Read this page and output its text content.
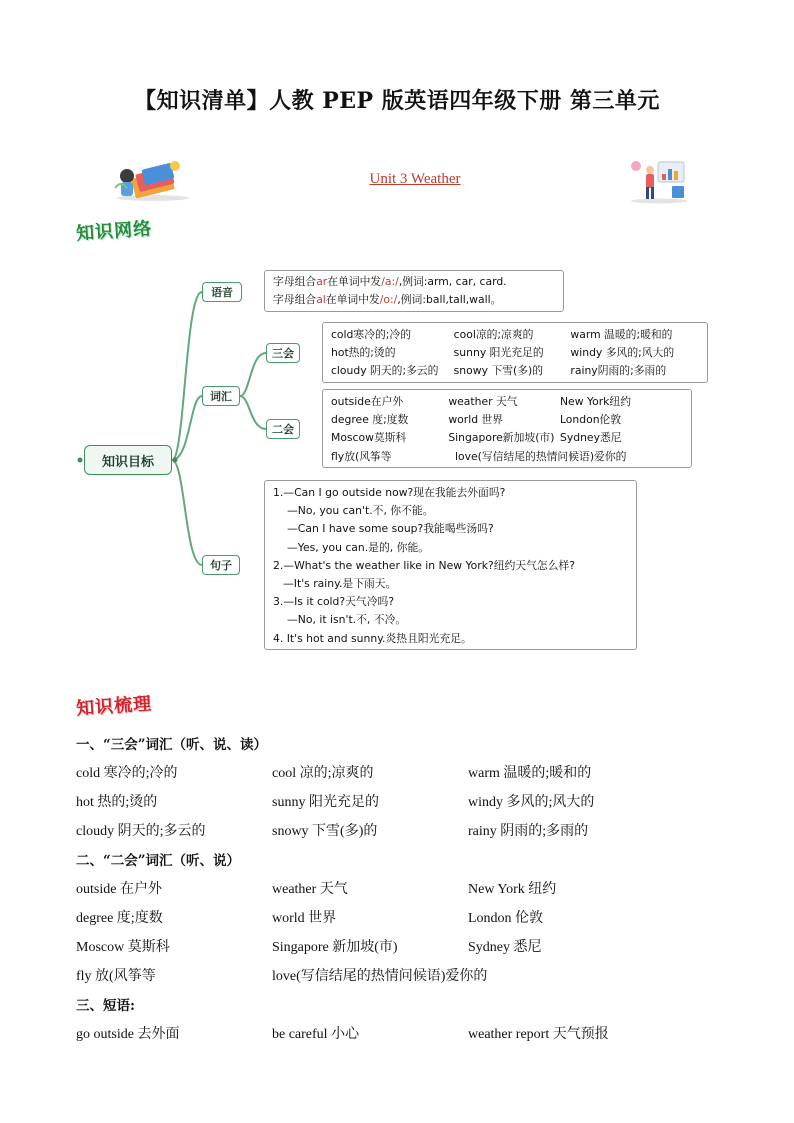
【知识清单】人教 PEP 版英语四年级下册 第三单元
Unit 3 Weather
知识网络
知识目标
语音
词汇
句子
三会
二会
字母组合 ar 在单词中发 /a:/ ,例词:arm, car, card.
字母组合 al 在单词中发 /o:/ ,例词:ball,tall,wall。
cold寒冷的;冷的	cool凉的;凉爽的	warm 温暖的;暖和的
hot热的;烫的	sunny 阳光充足的	windy 多风的;风大的
cloudy 阴天的;多云的	snowy 下雪(多)的	rainy阴雨的;多雨的
outside在户外	weather 天气	New York纽约
degree 度;度数	world 世界	London伦敦
Moscow莫斯科	Singapore新加坡(市) Sydney悉尼
fly放(风筝等	love(写信结尾的热情问候语)爱你的
1.—Can I go outside now?现在我能去外面吗?
—No, you can't.不, 你不能。
—Can I have some soup?我能喝些汤吗?
—Yes, you can.是的, 你能。
2.—What's the weather like in New York?纽约天气怎么样?
—It's rainy.是下雨天。
3.—Is it cold?天气冷吗?
—No, it isn't.不, 不冷。
4. It's hot and sunny.炎热且阳光充足。
知识梳理
一、“三会”词汇（听、说、读）
cold 寒冷的;冷的	cool 凉的;凉爽的	warm 温暖的;暖和的
hot 热的;烫的	sunny 阳光充足的	windy 多风的;风大的
cloudy 阴天的;多云的	snowy 下雪(多)的	rainy 阴雨的;多雨的
二、“二会”词汇（听、说）
outside 在户外	weather 天气	New York 纽约
degree 度;度数	world 世界	London 伦敦
Moscow 莫斯科	Singapore 新加坡(市)	Sydney 悉尼
fly 放(风筝等	love(写信结尾的热情问候语)爱你的
三、短语:
go outside 去外面	be careful 小心	weather report 天气预报
